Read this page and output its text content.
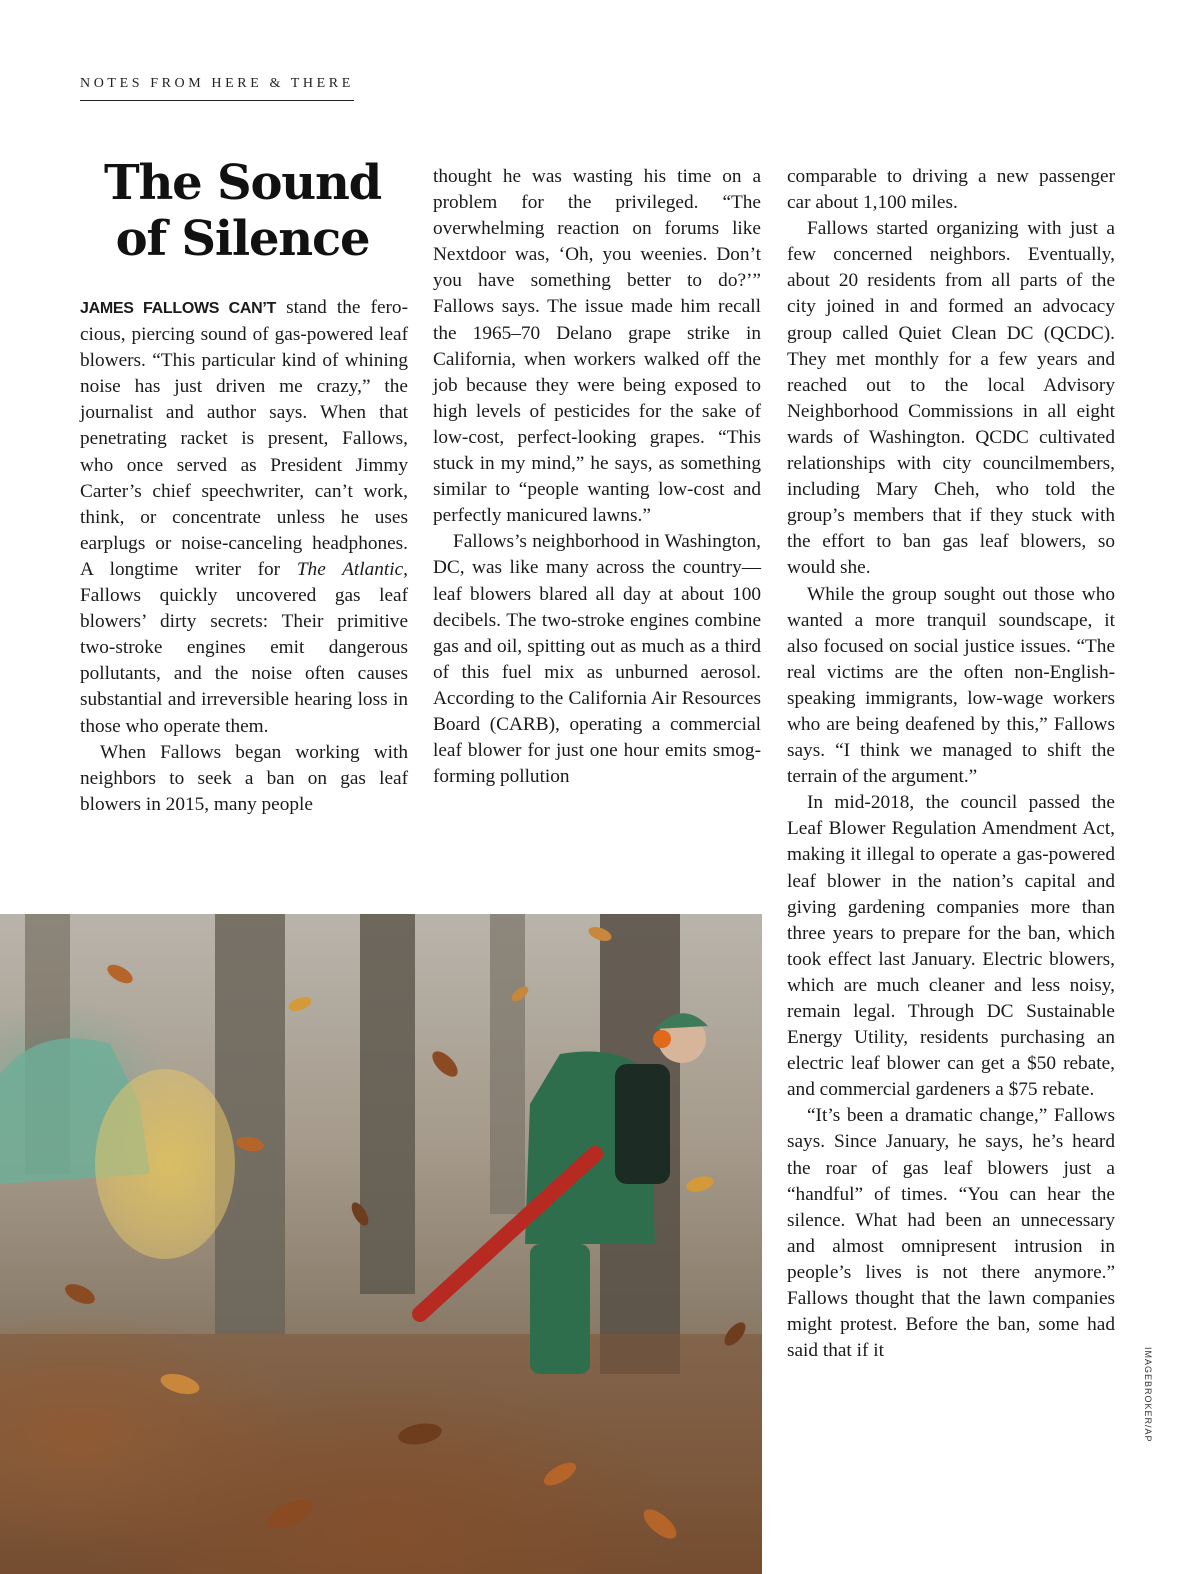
NOTES FROM HERE & THERE
The Sound
of Silence

JAMES FALLOWS CAN’T stand the ferocious, piercing sound of gas-powered leaf blowers. “This particular kind of whining noise has just driven me crazy,” the journalist and author says. When that penetrating racket is present, Fallows, who once served as President Jimmy Carter’s chief speechwriter, can’t work, think, or concentrate unless he uses earplugs or noise-canceling headphones. A longtime writer for The Atlantic, Fallows quickly uncovered gas leaf blowers’ dirty secrets: Their primitive two-stroke engines emit dangerous pollutants, and the noise often causes substantial and irreversible hearing loss in those who operate them.

When Fallows began working with neighbors to seek a ban on gas leaf blowers in 2015, many people

thought he was wasting his time on a problem for the privileged. “The overwhelming reaction on forums like Nextdoor was, ‘Oh, you weenies. Don’t you have something better to do?’” Fallows says. The issue made him recall the 1965–70 Delano grape strike in California, when workers walked off the job because they were being exposed to high levels of pesticides for the sake of low-cost, perfect-looking grapes. “This stuck in my mind,” he says, as something similar to “people wanting low-cost and perfectly manicured lawns.”

Fallows’s neighborhood in Washington, DC, was like many across the country—leaf blowers blared all day at about 100 decibels. The two-stroke engines combine gas and oil, spitting out as much as a third of this fuel mix as unburned aerosol. According to the California Air Resources Board (CARB), operating a commercial leaf blower for just one hour emits smog-forming pollution

comparable to driving a new passenger car about 1,100 miles.

Fallows started organizing with just a few concerned neighbors. Eventually, about 20 residents from all parts of the city joined in and formed an advocacy group called Quiet Clean DC (QCDC). They met monthly for a few years and reached out to the local Advisory Neighborhood Commissions in all eight wards of Washington. QCDC cultivated relationships with city councilmembers, including Mary Cheh, who told the group’s members that if they stuck with the effort to ban gas leaf blowers, so would she.

While the group sought out those who wanted a more tranquil soundscape, it also focused on social justice issues. “The real victims are the often non-English-speaking immigrants, low-wage workers who are being deafened by this,” Fallows says. “I think we managed to shift the terrain of the argument.”

In mid-2018, the council passed the Leaf Blower Regulation Amendment Act, making it illegal to operate a gas-powered leaf blower in the nation’s capital and giving gardening companies more than three years to prepare for the ban, which took effect last January. Electric blowers, which are much cleaner and less noisy, remain legal. Through DC Sustainable Energy Utility, residents purchasing an electric leaf blower can get a $50 rebate, and commercial gardeners a $75 rebate.

“It’s been a dramatic change,” Fallows says. Since January, he says, he’s heard the roar of gas leaf blowers just a “handful” of times. “You can hear the silence. What had been an unnecessary and almost omnipresent intrusion in people’s lives is not there anymore.” Fallows thought that the lawn companies might protest. Before the ban, some had said that if it	IMAGEBROKER/AP
